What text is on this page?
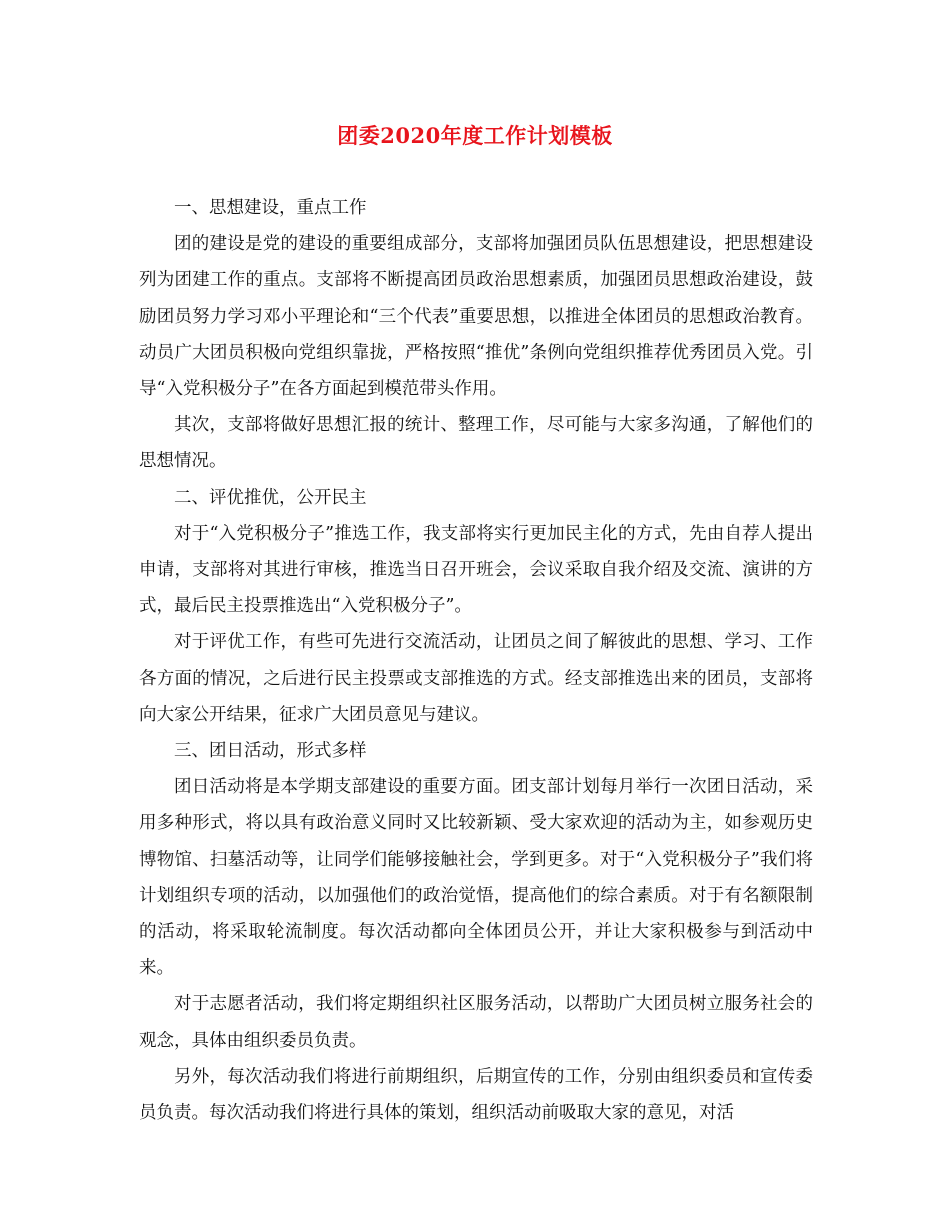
团委2020年度工作计划模板

一、思想建设，重点工作

团的建设是党的建设的重要组成部分，支部将加强团员队伍思想建设，把思想建设列为团建工作的重点。支部将不断提高团员政治思想素质，加强团员思想政治建设，鼓励团员努力学习邓小平理论和“三个代表”重要思想，以推进全体团员的思想政治教育。动员广大团员积极向党组织靠拢，严格按照“推优”条例向党组织推荐优秀团员入党。引导“入党积极分子”在各方面起到模范带头作用。

其次，支部将做好思想汇报的统计、整理工作，尽可能与大家多沟通，了解他们的思想情况。

二、评优推优，公开民主

对于“入党积极分子”推选工作，我支部将实行更加民主化的方式，先由自荐人提出申请，支部将对其进行审核，推选当日召开班会，会议采取自我介绍及交流、演讲的方式，最后民主投票推选出“入党积极分子”。

对于评优工作，有些可先进行交流活动，让团员之间了解彼此的思想、学习、工作各方面的情况，之后进行民主投票或支部推选的方式。经支部推选出来的团员，支部将向大家公开结果，征求广大团员意见与建议。

三、团日活动，形式多样

团日活动将是本学期支部建设的重要方面。团支部计划每月举行一次团日活动，采用多种形式，将以具有政治意义同时又比较新颖、受大家欢迎的活动为主，如参观历史博物馆、扫墓活动等，让同学们能够接触社会，学到更多。对于“入党积极分子”我们将计划组织专项的活动，以加强他们的政治觉悟，提高他们的综合素质。对于有名额限制的活动，将采取轮流制度。每次活动都向全体团员公开，并让大家积极参与到活动中来。

对于志愿者活动，我们将定期组织社区服务活动，以帮助广大团员树立服务社会的观念，具体由组织委员负责。

另外，每次活动我们将进行前期组织，后期宣传的工作，分别由组织委员和宣传委员负责。每次活动我们将进行具体的策划，组织活动前吸取大家的意见，对活
